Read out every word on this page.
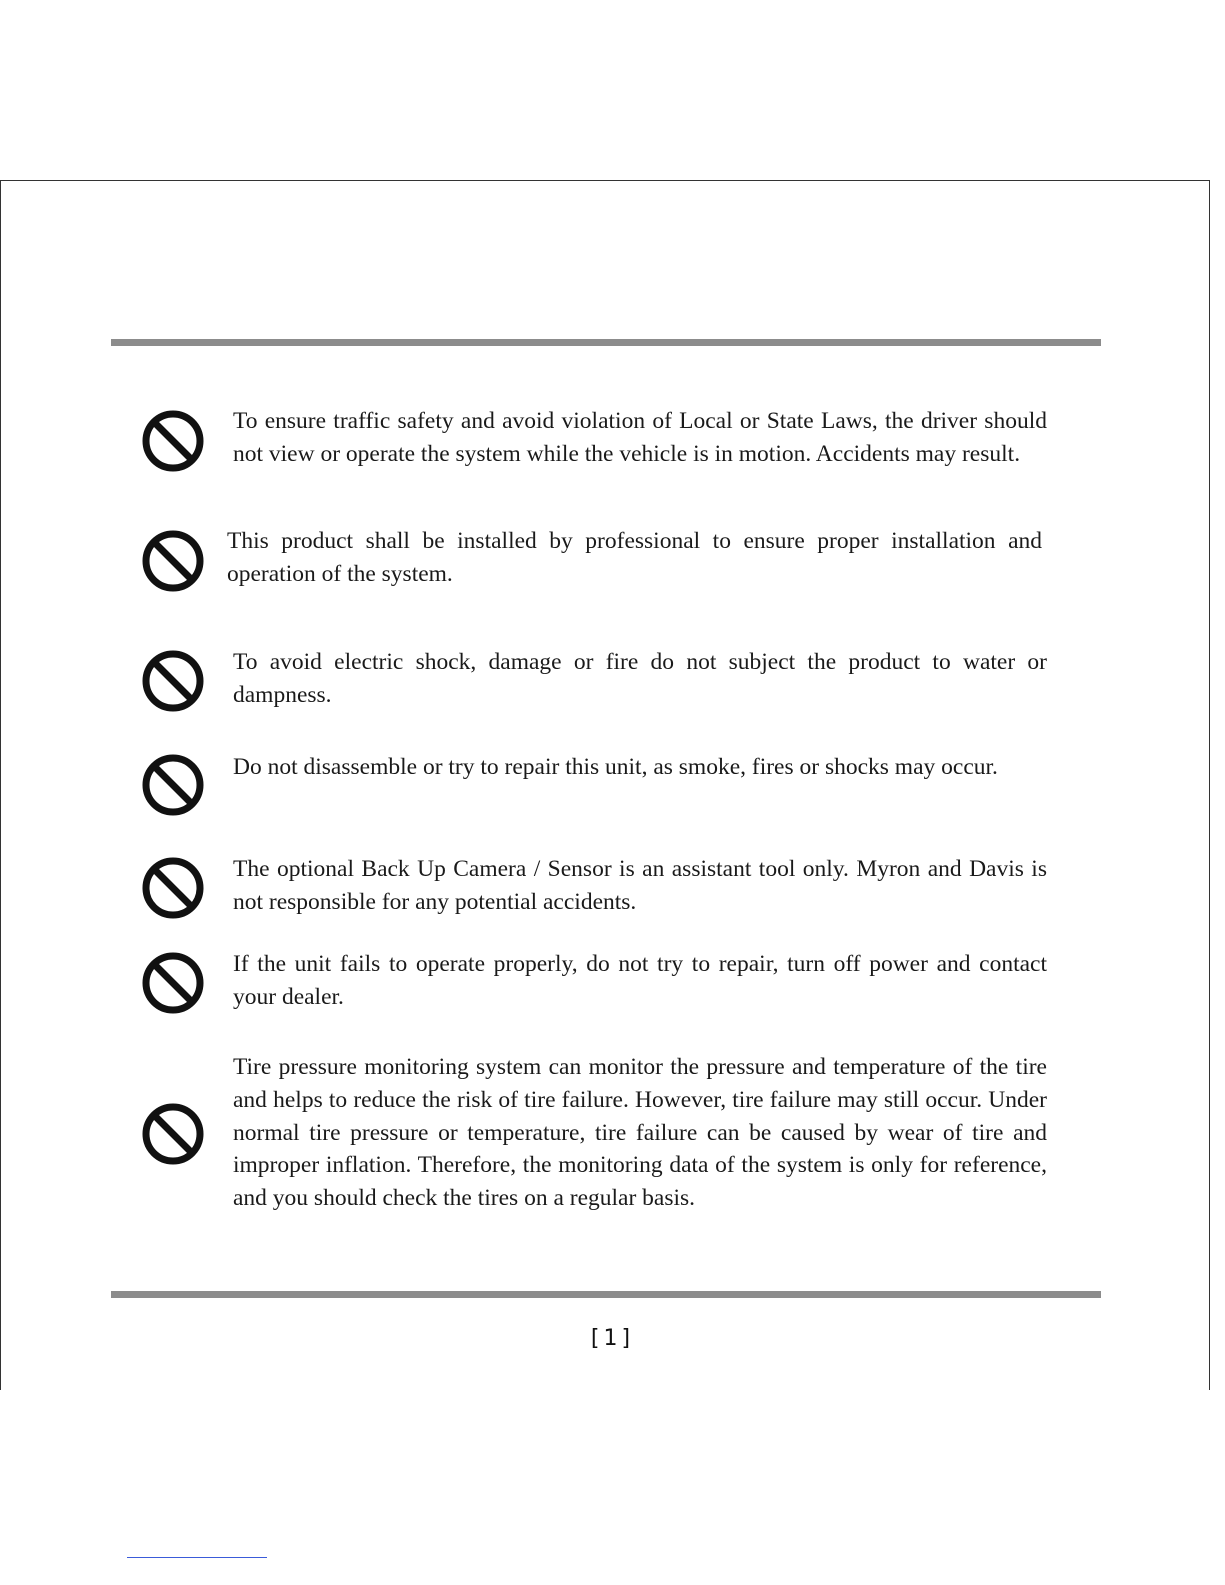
To ensure traffic safety and avoid violation of Local or State Laws, the driver should not view or operate the system while the vehicle is in motion. Accidents may result.

This product shall be installed by professional to ensure proper installation and operation of the system.

To avoid electric shock, damage or fire do not subject the product to water or dampness.

Do not disassemble or try to repair this unit, as smoke, fires or shocks may occur.

The optional Back Up Camera / Sensor is an assistant tool only. Myron and Davis is not responsible for any potential accidents.

If the unit fails to operate properly, do not try to repair, turn off power and contact your dealer.

Tire pressure monitoring system can monitor the pressure and temperature of the tire and helps to reduce the risk of tire failure. However, tire failure may still occur. Under normal tire pressure or temperature, tire failure can be caused by wear of tire and improper inflation. Therefore, the monitoring data of the system is only for reference, and you should check the tires on a regular basis.

[1]
